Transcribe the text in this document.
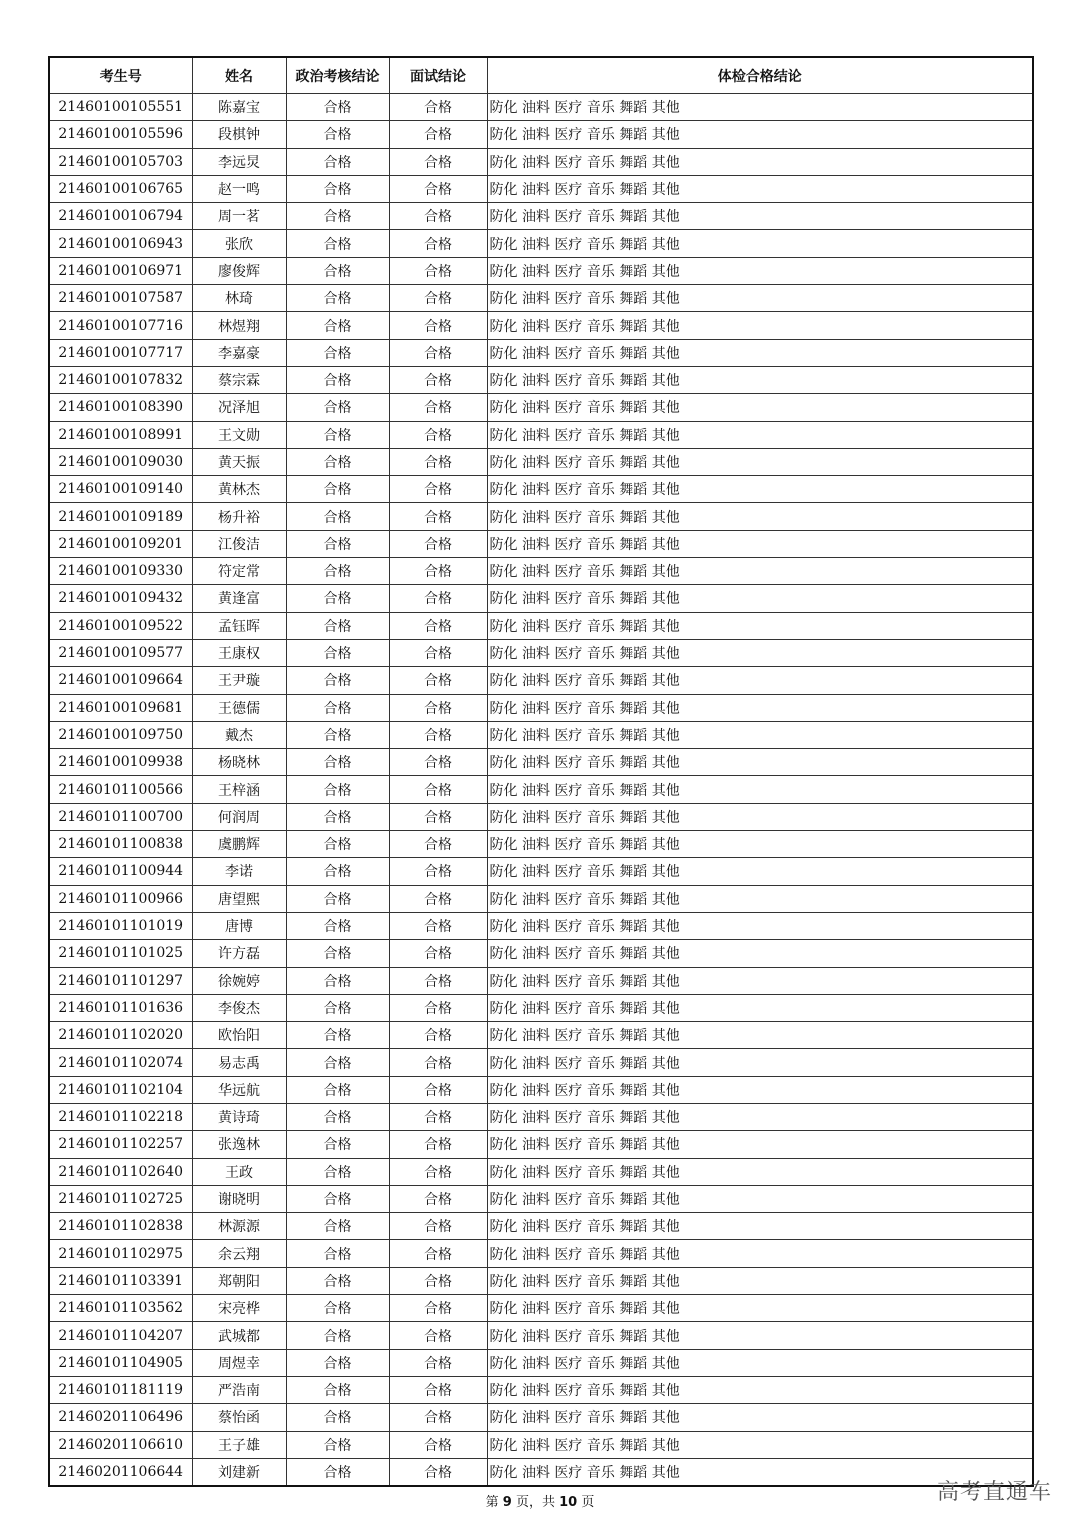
考生号	姓名	政治考核结论	面试结论	体检合格结论
21460100105551	陈嘉宝	合格	合格	防化 油料 医疗 音乐 舞蹈 其他
21460100105596	段棋钟	合格	合格	防化 油料 医疗 音乐 舞蹈 其他
21460100105703	李远炅	合格	合格	防化 油料 医疗 音乐 舞蹈 其他
21460100106765	赵一鸣	合格	合格	防化 油料 医疗 音乐 舞蹈 其他
21460100106794	周一茗	合格	合格	防化 油料 医疗 音乐 舞蹈 其他
21460100106943	张欣	合格	合格	防化 油料 医疗 音乐 舞蹈 其他
21460100106971	廖俊辉	合格	合格	防化 油料 医疗 音乐 舞蹈 其他
21460100107587	林琦	合格	合格	防化 油料 医疗 音乐 舞蹈 其他
21460100107716	林煜翔	合格	合格	防化 油料 医疗 音乐 舞蹈 其他
21460100107717	李嘉豪	合格	合格	防化 油料 医疗 音乐 舞蹈 其他
21460100107832	蔡宗霖	合格	合格	防化 油料 医疗 音乐 舞蹈 其他
21460100108390	况泽旭	合格	合格	防化 油料 医疗 音乐 舞蹈 其他
21460100108991	王文勋	合格	合格	防化 油料 医疗 音乐 舞蹈 其他
21460100109030	黄天振	合格	合格	防化 油料 医疗 音乐 舞蹈 其他
21460100109140	黄林杰	合格	合格	防化 油料 医疗 音乐 舞蹈 其他
21460100109189	杨升裕	合格	合格	防化 油料 医疗 音乐 舞蹈 其他
21460100109201	江俊洁	合格	合格	防化 油料 医疗 音乐 舞蹈 其他
21460100109330	符定常	合格	合格	防化 油料 医疗 音乐 舞蹈 其他
21460100109432	黄逢富	合格	合格	防化 油料 医疗 音乐 舞蹈 其他
21460100109522	孟钰晖	合格	合格	防化 油料 医疗 音乐 舞蹈 其他
21460100109577	王康权	合格	合格	防化 油料 医疗 音乐 舞蹈 其他
21460100109664	王尹璇	合格	合格	防化 油料 医疗 音乐 舞蹈 其他
21460100109681	王德儒	合格	合格	防化 油料 医疗 音乐 舞蹈 其他
21460100109750	戴杰	合格	合格	防化 油料 医疗 音乐 舞蹈 其他
21460100109938	杨晓林	合格	合格	防化 油料 医疗 音乐 舞蹈 其他
21460101100566	王梓涵	合格	合格	防化 油料 医疗 音乐 舞蹈 其他
21460101100700	何润周	合格	合格	防化 油料 医疗 音乐 舞蹈 其他
21460101100838	虞鹏辉	合格	合格	防化 油料 医疗 音乐 舞蹈 其他
21460101100944	李诺	合格	合格	防化 油料 医疗 音乐 舞蹈 其他
21460101100966	唐望熙	合格	合格	防化 油料 医疗 音乐 舞蹈 其他
21460101101019	唐博	合格	合格	防化 油料 医疗 音乐 舞蹈 其他
21460101101025	许方磊	合格	合格	防化 油料 医疗 音乐 舞蹈 其他
21460101101297	徐婉婷	合格	合格	防化 油料 医疗 音乐 舞蹈 其他
21460101101636	李俊杰	合格	合格	防化 油料 医疗 音乐 舞蹈 其他
21460101102020	欧怡阳	合格	合格	防化 油料 医疗 音乐 舞蹈 其他
21460101102074	易志禹	合格	合格	防化 油料 医疗 音乐 舞蹈 其他
21460101102104	华远航	合格	合格	防化 油料 医疗 音乐 舞蹈 其他
21460101102218	黄诗琦	合格	合格	防化 油料 医疗 音乐 舞蹈 其他
21460101102257	张逸林	合格	合格	防化 油料 医疗 音乐 舞蹈 其他
21460101102640	王政	合格	合格	防化 油料 医疗 音乐 舞蹈 其他
21460101102725	谢晓明	合格	合格	防化 油料 医疗 音乐 舞蹈 其他
21460101102838	林源源	合格	合格	防化 油料 医疗 音乐 舞蹈 其他
21460101102975	余云翔	合格	合格	防化 油料 医疗 音乐 舞蹈 其他
21460101103391	郑朝阳	合格	合格	防化 油料 医疗 音乐 舞蹈 其他
21460101103562	宋亮桦	合格	合格	防化 油料 医疗 音乐 舞蹈 其他
21460101104207	武城都	合格	合格	防化 油料 医疗 音乐 舞蹈 其他
21460101104905	周煜幸	合格	合格	防化 油料 医疗 音乐 舞蹈 其他
21460101181119	严浩南	合格	合格	防化 油料 医疗 音乐 舞蹈 其他
21460201106496	蔡怡函	合格	合格	防化 油料 医疗 音乐 舞蹈 其他
21460201106610	王子雄	合格	合格	防化 油料 医疗 音乐 舞蹈 其他
21460201106644	刘建新	合格	合格	防化 油料 医疗 音乐 舞蹈 其他
第 9 页，共 10 页	高考直通车
